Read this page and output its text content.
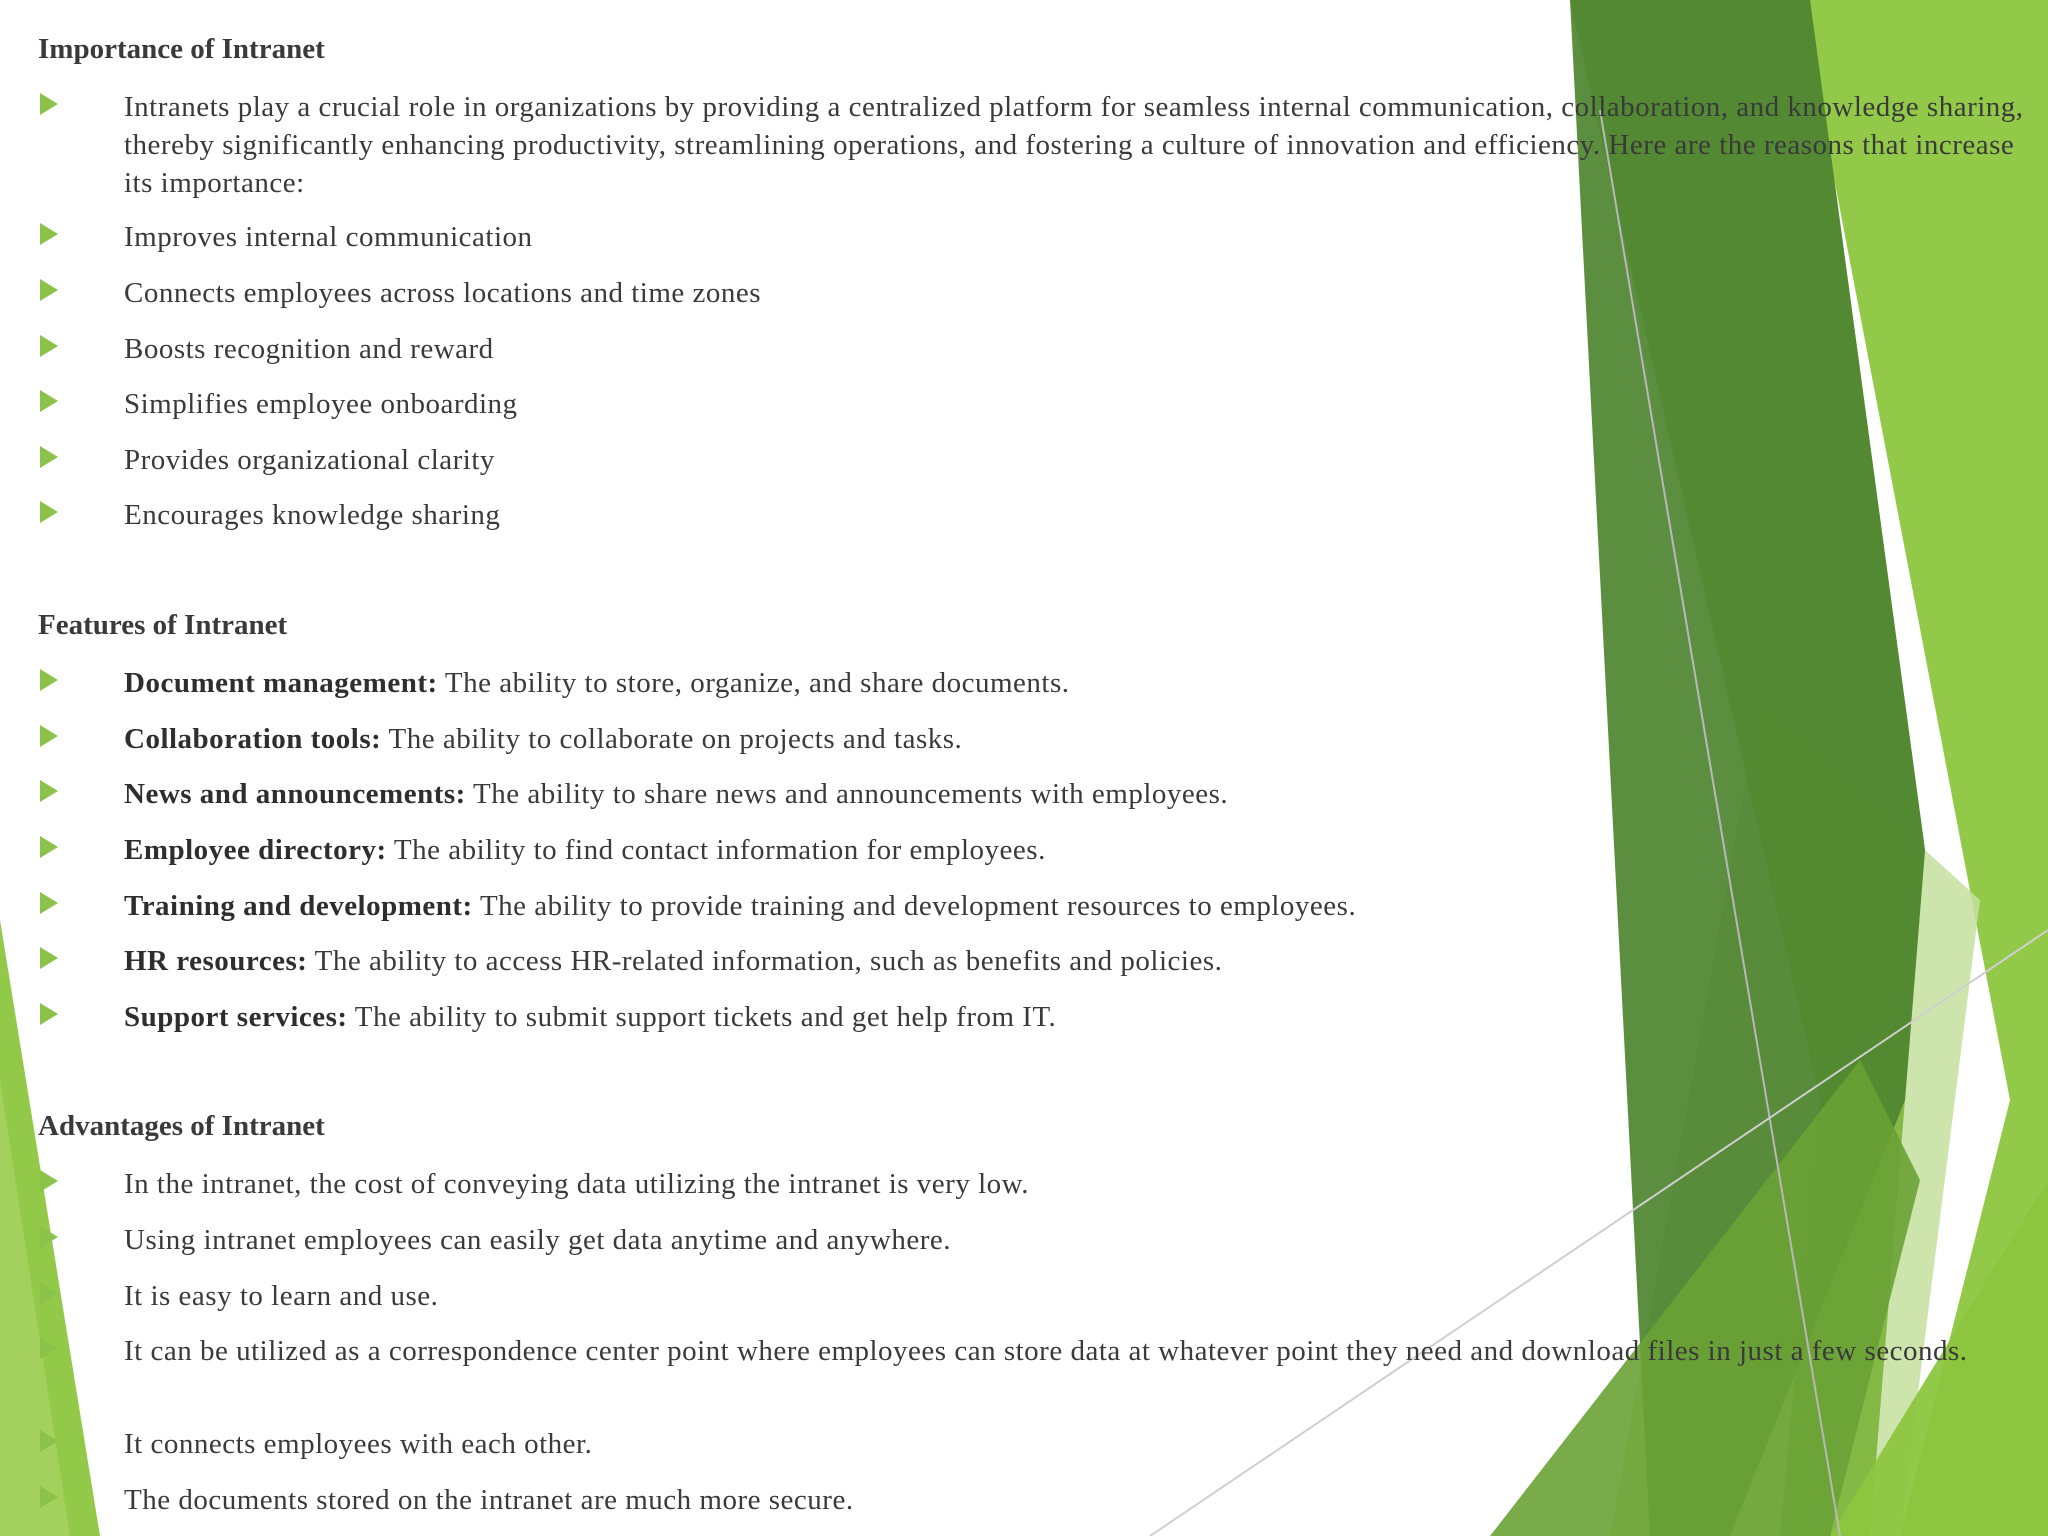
Importance of Intranet
Intranets play a crucial role in organizations by providing a centralized platform for seamless internal communication, collaboration, and knowledge sharing, thereby significantly enhancing productivity, streamlining operations, and fostering a culture of innovation and efficiency. Here are the reasons that increase its importance:
Improves internal communication
Connects employees across locations and time zones
Boosts recognition and reward
Simplifies employee onboarding
Provides organizational clarity
Encourages knowledge sharing
Features of Intranet
Document management: The ability to store, organize, and share documents.
Collaboration tools: The ability to collaborate on projects and tasks.
News and announcements: The ability to share news and announcements with employees.
Employee directory: The ability to find contact information for employees.
Training and development: The ability to provide training and development resources to employees.
HR resources: The ability to access HR-related information, such as benefits and policies.
Support services: The ability to submit support tickets and get help from IT.
Advantages of Intranet
In the intranet, the cost of conveying data utilizing the intranet is very low.
Using intranet employees can easily get data anytime and anywhere.
It is easy to learn and use.
It can be utilized as a correspondence center point where employees can store data at whatever point they need and download files in just a few seconds.
It connects employees with each other.
The documents stored on the intranet are much more secure.
